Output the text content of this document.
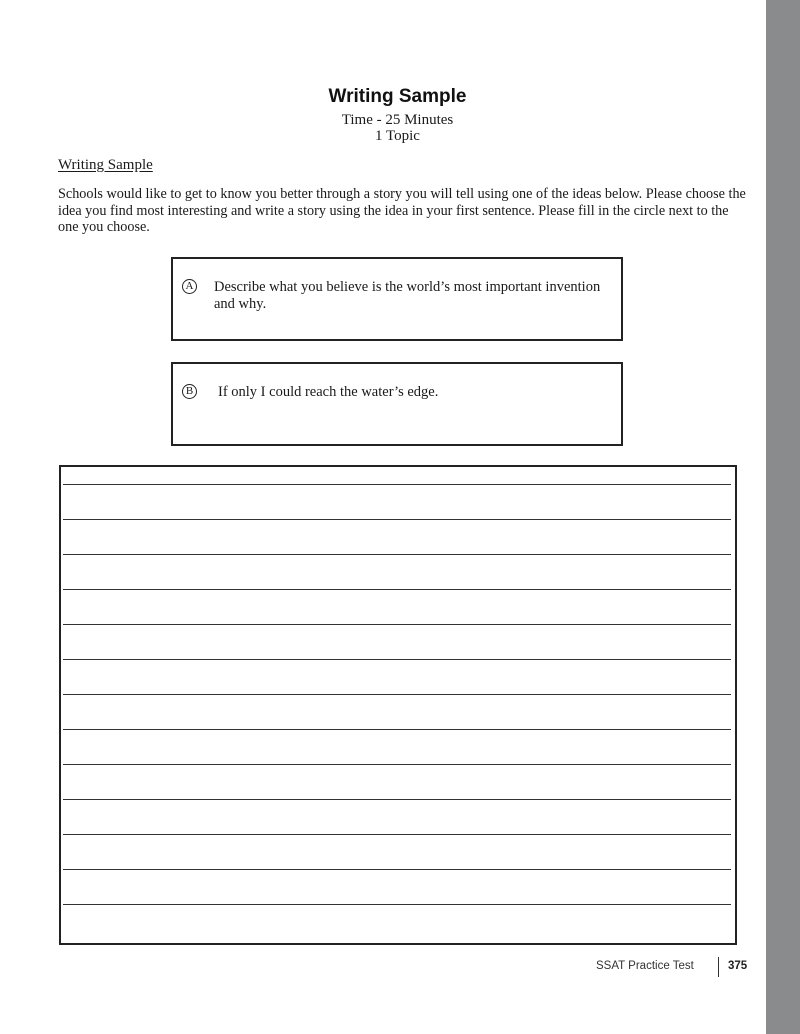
Writing Sample
Time - 25 Minutes
1 Topic
Writing Sample
Schools would like to get to know you better through a story you will tell using one of the ideas below. Please choose the idea you find most interesting and write a story using the idea in your first sentence. Please fill in the circle next to the one you choose.
A Describe what you believe is the world’s most important invention and why.
B If only I could reach the water’s edge.
SSAT Practice Test	375
